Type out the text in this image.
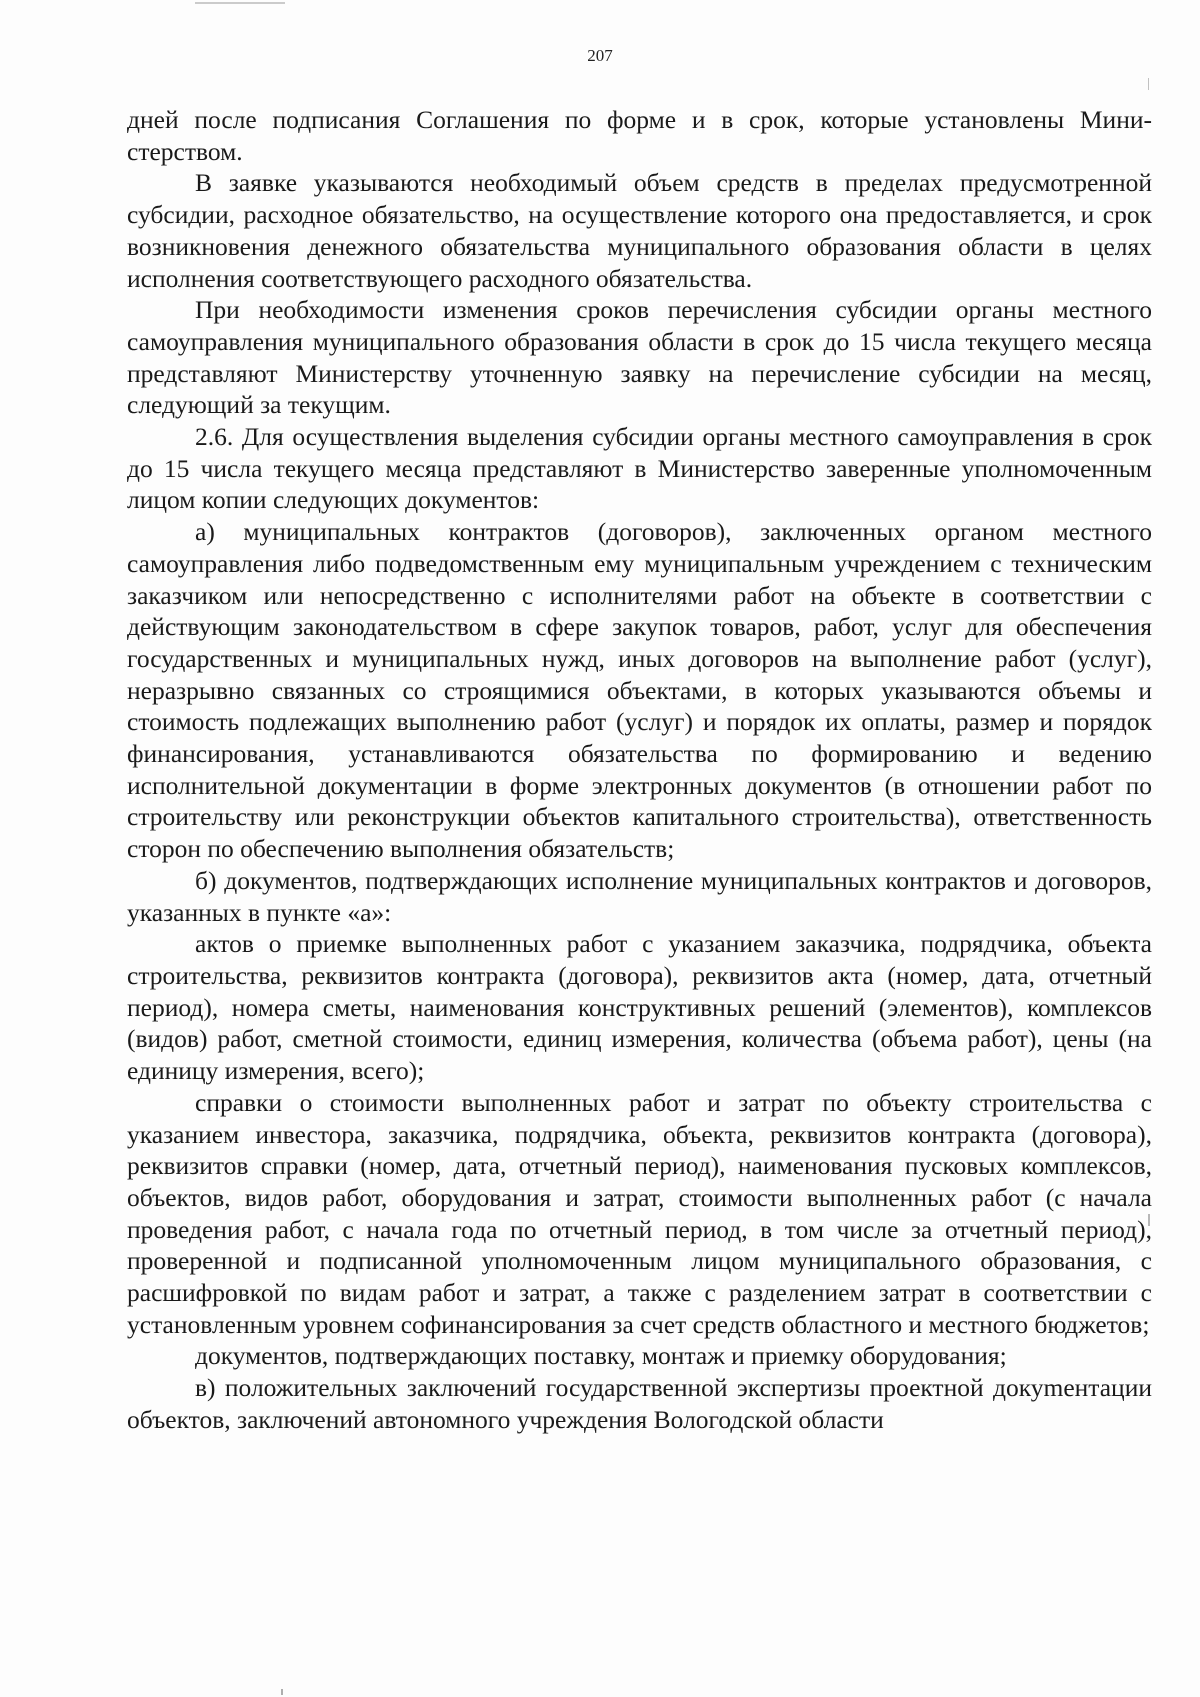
207

дней после подписания Соглашения по форме и в срок, которые установлены Министерством.

В заявке указываются необходимый объем средств в пределах предусмотренной субсидии, расходное обязательство, на осуществление которого она предоставляется, и срок возникновения денежного обязательства муниципального образования области в целях исполнения соответствующего расходного обязательства.

При необходимости изменения сроков перечисления субсидии органы местного самоуправления муниципального образования области в срок до 15 числа текущего месяца представляют Министерству уточненную заявку на перечисление субсидии на месяц, следующий за текущим.

2.6. Для осуществления выделения субсидии органы местного самоуправления в срок до 15 числа текущего месяца представляют в Министерство заверенные уполномоченным лицом копии следующих документов:

а) муниципальных контрактов (договоров), заключенных органом местного самоуправления либо подведомственным ему муниципальным учреждением с техническим заказчиком или непосредственно с исполнителями работ на объекте в соответствии с действующим законодательством в сфере закупок товаров, работ, услуг для обеспечения государственных и муниципальных нужд, иных договоров на выполнение работ (услуг), неразрывно связанных со строящимися объектами, в которых указываются объемы и стоимость подлежащих выполнению работ (услуг) и порядок их оплаты, размер и порядок финансирования, устанавливаются обязательства по формированию и ведению исполнительной документации в форме электронных документов (в отношении работ по строительству или реконструкции объектов капитального строительства), ответственность сторон по обеспечению выполнения обязательств;

б) документов, подтверждающих исполнение муниципальных контрактов и договоров, указанных в пункте «а»:

актов о приемке выполненных работ с указанием заказчика, подрядчика, объекта строительства, реквизитов контракта (договора), реквизитов акта (номер, дата, отчетный период), номера сметы, наименования конструктивных решений (элементов), комплексов (видов) работ, сметной стоимости, единиц измерения, количества (объема работ), цены (на единицу измерения, всего);

справки о стоимости выполненных работ и затрат по объекту строительства с указанием инвестора, заказчика, подрядчика, объекта, реквизитов контракта (договора), реквизитов справки (номер, дата, отчетный период), наименования пусковых комплексов, объектов, видов работ, оборудования и затрат, стоимости выполненных работ (с начала проведения работ, с начала года по отчетный период, в том числе за отчетный период), проверенной и подписанной уполномоченным лицом муниципального образования, с расшифровкой по видам работ и затрат, а также с разделением затрат в соответствии с установленным уровнем софинансирования за счет средств областного и местного бюджетов;

документов, подтверждающих поставку, монтаж и приемку оборудования;

в) положительных заключений государственной экспертизы проектной докуmентации объектов, заключений автономного учреждения Вологодской области
